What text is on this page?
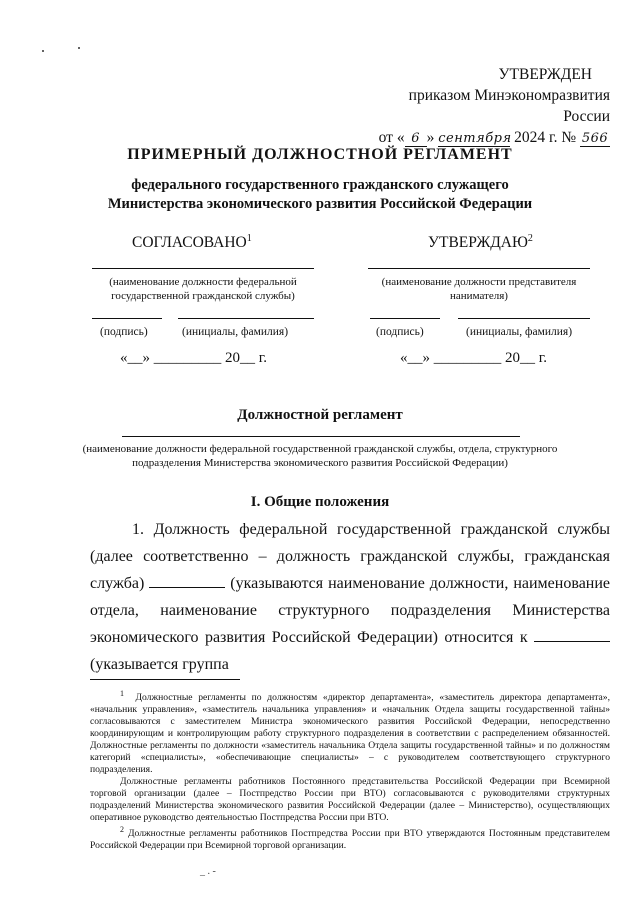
УТВЕРЖДЕН
приказом Минэкономразвития России
от « 6 » сентября 2024 г. № 566
ПРИМЕРНЫЙ ДОЛЖНОСТНОЙ РЕГЛАМЕНТ
федерального государственного гражданского служащего
Министерства экономического развития Российской Федерации
СОГЛАСОВАНО$^1$
(наименование должности федеральной государственной гражданской службы)
(подпись)	(инициалы, фамилия)
«__» _________ 20__ г.
УТВЕРЖДАЮ$^2$
(наименование должности представителя нанимателя)
(подпись)	(инициалы, фамилия)
«__» _________ 20__ г.
Должностной регламент
(наименование должности федеральной государственной гражданской службы, отдела, структурного подразделения Министерства экономического развития Российской Федерации)
I. Общие положения

1. Должность федеральной государственной гражданской службы (далее соответственно – должность гражданской службы, гражданская служба)	(указываются наименование должности, наименование отдела, наименование структурного подразделения Министерства экономического развития Российской Федерации) относится к  (указывается группа

$^1$ Должностные регламенты по должностям «директор департамента», «заместитель директора департамента», «начальник управления», «заместитель начальника управления» и «начальник Отдела защиты государственной тайны» согласовываются с заместителем Министра экономического развития Российской Федерации, непосредственно координирующим и контролирующим работу структурного подразделения в соответствии с распределением обязанностей. Должностные регламенты по должности «заместитель начальника Отдела защиты государственной тайны» и по должностям категорий «специалисты», «обеспечивающие специалисты» – с руководителем соответствующего структурного подразделения.

Должностные регламенты работников Постоянного представительства Российской Федерации при Всемирной торговой организации (далее – Постпредство России при ВТО) согласовываются с руководителями структурных подразделений Министерства экономического развития Российской Федерации (далее – Министерство), осуществляющих оперативное руководство деятельностью Постпредства России при ВТО.

$^2$ Должностные регламенты работников Постпредства России при ВТО утверждаются Постоянным представителем Российской Федерации при Всемирной торговой организации.

_ . -
